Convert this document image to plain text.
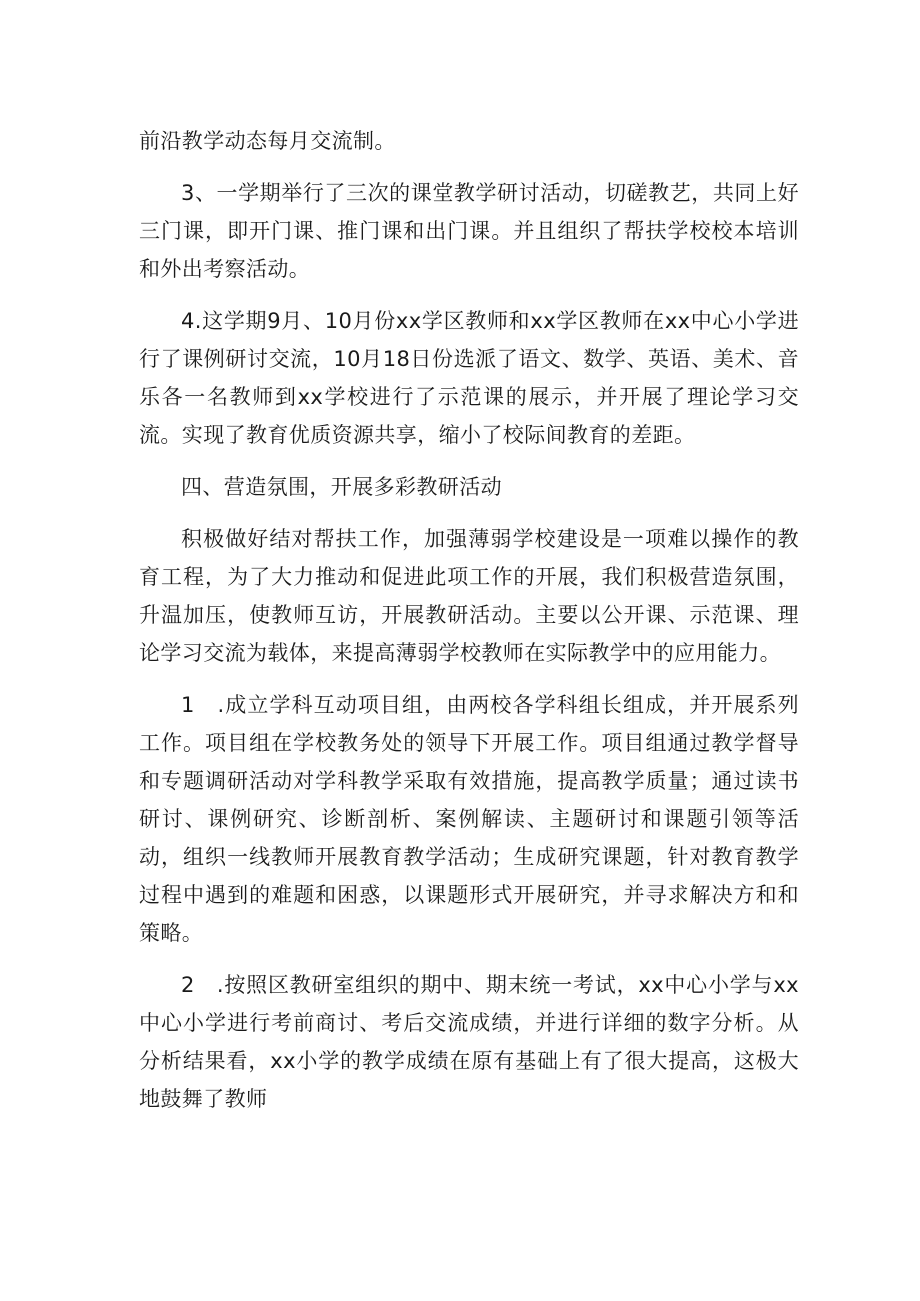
前沿教学动态每月交流制。

3、一学期举行了三次的课堂教学研讨活动，切磋教艺，共同上好三门课，即开门课、推门课和出门课。并且组织了帮扶学校校本培训和外出考察活动。

4.这学期9月、10月份xx学区教师和xx学区教师在xx中心小学进行了课例研讨交流，10月18日份选派了语文、数学、英语、美术、音乐各一名教师到xx学校进行了示范课的展示，并开展了理论学习交流。实现了教育优质资源共享，缩小了校际间教育的差距。

四、营造氛围，开展多彩教研活动

积极做好结对帮扶工作，加强薄弱学校建设是一项难以操作的教育工程，为了大力推动和促进此项工作的开展，我们积极营造氛围，升温加压，使教师互访，开展教研活动。主要以公开课、示范课、理论学习交流为载体，来提高薄弱学校教师在实际教学中的应用能力。

1　.成立学科互动项目组，由两校各学科组长组成，并开展系列工作。项目组在学校教务处的领导下开展工作。项目组通过教学督导和专题调研活动对学科教学采取有效措施，提高教学质量；通过读书研讨、课例研究、诊断剖析、案例解读、主题研讨和课题引领等活动，组织一线教师开展教育教学活动；生成研究课题，针对教育教学过程中遇到的难题和困惑，以课题形式开展研究，并寻求解决方和和策略。

2　.按照区教研室组织的期中、期末统一考试，xx中心小学与xx中心小学进行考前商讨、考后交流成绩，并进行详细的数字分析。从分析结果看，xx小学的教学成绩在原有基础上有了很大提高，这极大地鼓舞了教师
